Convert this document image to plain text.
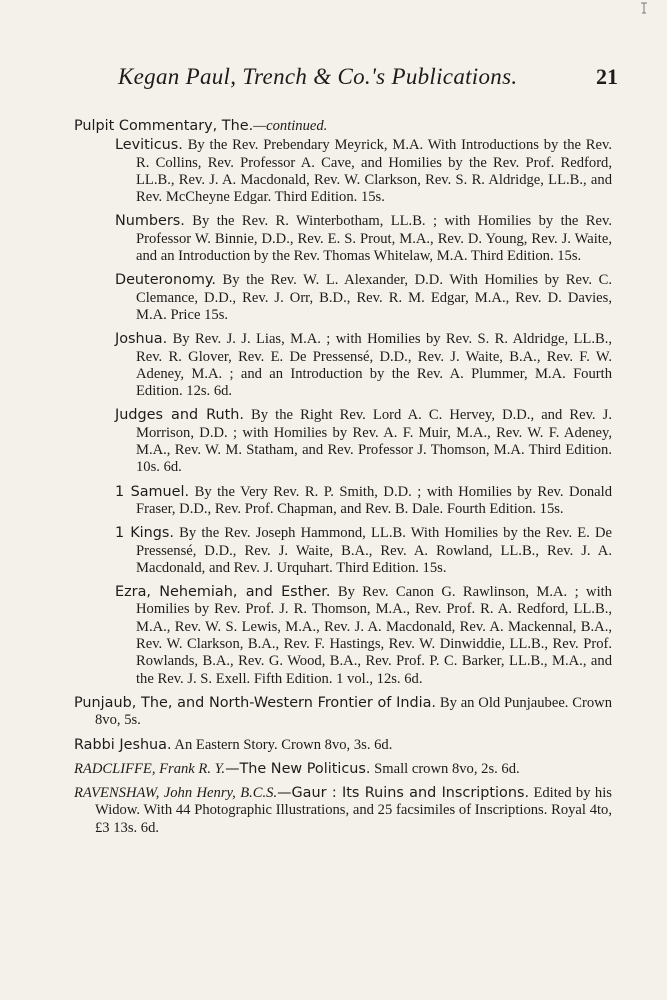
Kegan Paul, Trench & Co.'s Publications.	21
Pulpit Commentary, The.—continued.
Leviticus. By the Rev. Prebendary Meyrick, M.A. With Introductions by the Rev. R. Collins, Rev. Professor A. Cave, and Homilies by the Rev. Prof. Redford, LL.B., Rev. J. A. Macdonald, Rev. W. Clarkson, Rev. S. R. Aldridge, LL.B., and Rev. McCheyne Edgar. Third Edition. 15s.
Numbers. By the Rev. R. Winterbotham, LL.B. ; with Homilies by the Rev. Professor W. Binnie, D.D., Rev. E. S. Prout, M.A., Rev. D. Young, Rev. J. Waite, and an Introduction by the Rev. Thomas Whitelaw, M.A. Third Edition. 15s.
Deuteronomy. By the Rev. W. L. Alexander, D.D. With Homilies by Rev. C. Clemance, D.D., Rev. J. Orr, B.D., Rev. R. M. Edgar, M.A., Rev. D. Davies, M.A. Price 15s.
Joshua. By Rev. J. J. Lias, M.A. ; with Homilies by Rev. S. R. Aldridge, LL.B., Rev. R. Glover, Rev. E. De Pressensé, D.D., Rev. J. Waite, B.A., Rev. F. W. Adeney, M.A. ; and an Introduction by the Rev. A. Plummer, M.A. Fourth Edition. 12s. 6d.
Judges and Ruth. By the Right Rev. Lord A. C. Hervey, D.D., and Rev. J. Morrison, D.D. ; with Homilies by Rev. A. F. Muir, M.A., Rev. W. F. Adeney, M.A., Rev. W. M. Statham, and Rev. Professor J. Thomson, M.A. Third Edition. 10s. 6d.
1 Samuel. By the Very Rev. R. P. Smith, D.D. ; with Homilies by Rev. Donald Fraser, D.D., Rev. Prof. Chapman, and Rev. B. Dale. Fourth Edition. 15s.
1 Kings. By the Rev. Joseph Hammond, LL.B. With Homilies by the Rev. E. De Pressensé, D.D., Rev. J. Waite, B.A., Rev. A. Rowland, LL.B., Rev. J. A. Macdonald, and Rev. J. Urquhart. Third Edition. 15s.
Ezra, Nehemiah, and Esther. By Rev. Canon G. Rawlinson, M.A. ; with Homilies by Rev. Prof. J. R. Thomson, M.A., Rev. Prof. R. A. Redford, LL.B., M.A., Rev. W. S. Lewis, M.A., Rev. J. A. Macdonald, Rev. A. Mackennal, B.A., Rev. W. Clarkson, B.A., Rev. F. Hastings, Rev. W. Dinwiddie, LL.B., Rev. Prof. Rowlands, B.A., Rev. G. Wood, B.A., Rev. Prof. P. C. Barker, LL.B., M.A., and the Rev. J. S. Exell. Fifth Edition. 1 vol., 12s. 6d.
Punjaub, The, and North-Western Frontier of India. By an Old Punjaubee. Crown 8vo, 5s.
Rabbi Jeshua. An Eastern Story. Crown 8vo, 3s. 6d.
RADCLIFFE, Frank R. Y.—The New Politicus. Small crown 8vo, 2s. 6d.
RAVENSHAW, John Henry, B.C.S.—Gaur : Its Ruins and Inscriptions. Edited by his Widow. With 44 Photographic Illustrations, and 25 facsimiles of Inscriptions. Royal 4to, £3 13s. 6d.
